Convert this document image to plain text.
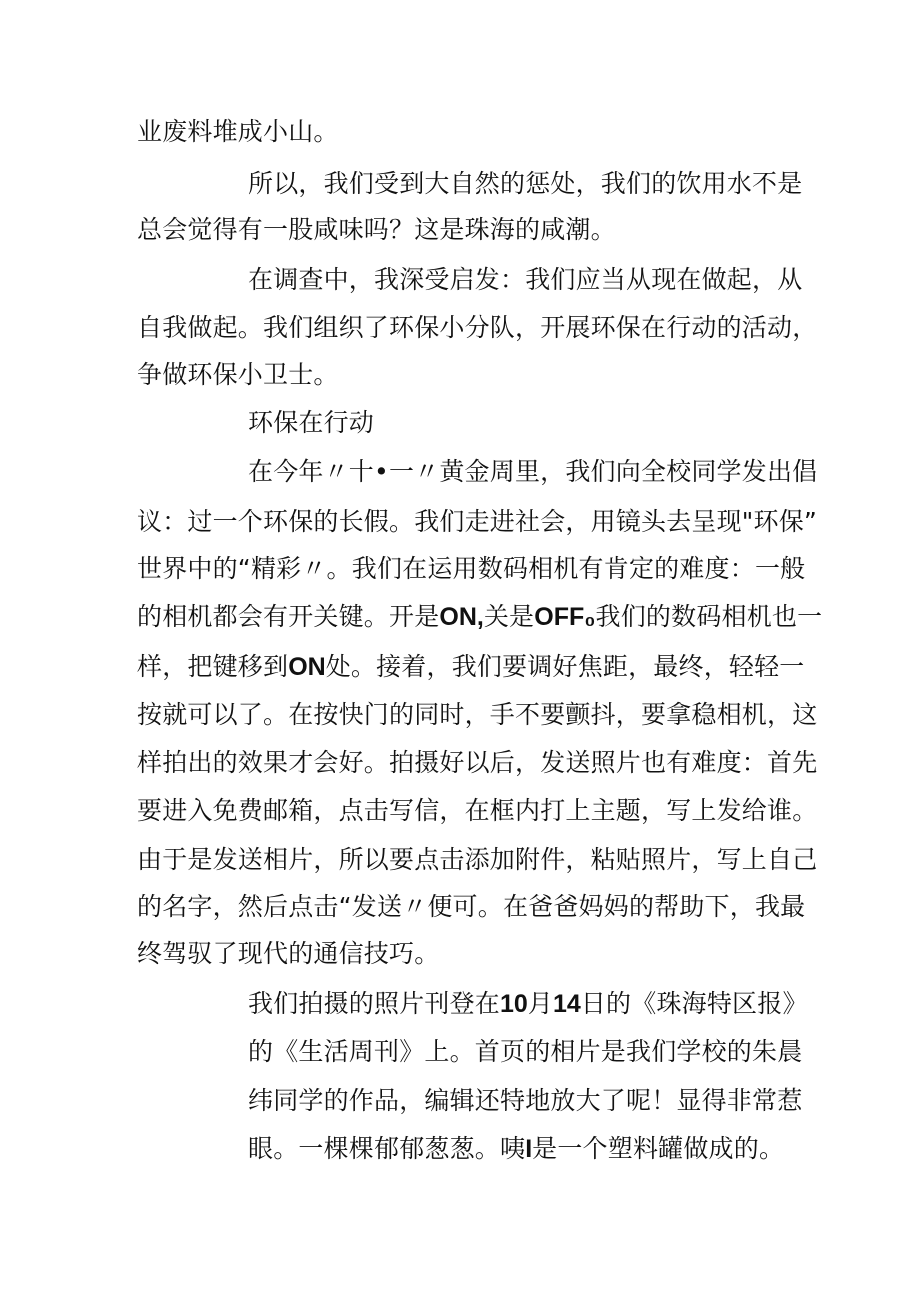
业废料堆成小山。
所以，我们受到大自然的惩处，我们的饮用水不是
总会觉得有一股咸味吗？这是珠海的咸潮。
在调查中，我深受启发：我们应当从现在做起，从
自我做起。我们组织了环保小分队，开展环保在行动的活动，
争做环保小卫士。
环保在行动
在今年〃十•一〃黄金周里，我们向全校同学发出倡
议：过一个环保的长假。我们走进社会，用镜头去呈现"环保”
世界中的“精彩〃。我们在运用数码相机有肯定的难度：一般
的相机都会有开关键。开是ON,关是OFF₀我们的数码相机也一
样，把键移到ON处。接着，我们要调好焦距，最终，轻轻一
按就可以了。在按快门的同时，手不要颤抖，要拿稳相机，这
样拍出的效果才会好。拍摄好以后，发送照片也有难度：首先
要进入免费邮箱，点击写信，在框内打上主题，写上发给谁。
由于是发送相片，所以要点击添加附件，粘贴照片，写上自己
的名字，然后点击“发送〃便可。在爸爸妈妈的帮助下，我最
终驾驭了现代的通信技巧。
我们拍摄的照片刊登在10月14日的《珠海特区报》
的《生活周刊》上。首页的相片是我们学校的朱晨
纬同学的作品，编辑还特地放大了呢！显得非常惹
眼。一棵棵郁郁葱葱。咦I是一个塑料罐做成的。
